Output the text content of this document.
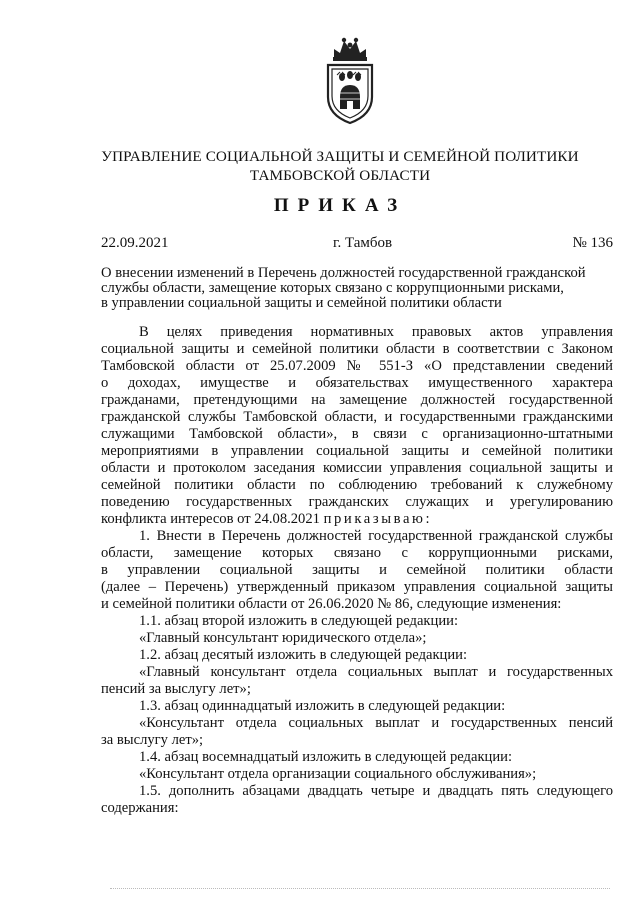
УПРАВЛЕНИЕ СОЦИАЛЬНОЙ ЗАЩИТЫ И СЕМЕЙНОЙ ПОЛИТИКИ
ТАМБОВСКОЙ ОБЛАСТИ
ПРИКАЗ
22.09.2021	г. Тамбов	№ 136

О внесении изменений в Перечень должностей государственной гражданской

службы области, замещение которых связано с коррупционными рисками,

в управлении социальной защиты и семейной политики области

В целях приведения нормативных правовых актов управления
социальной защиты и семейной политики области в соответствии с Законом
Тамбовской области от 25.07.2009 № 551-З «О представлении сведений
о доходах, имуществе и обязательствах имущественного характера
гражданами, претендующими на замещение должностей государственной
гражданской службы Тамбовской области, и государственными гражданскими
служащими Тамбовской области», в связи с организационно-штатными
мероприятиями в управлении социальной защиты и семейной политики
области и протоколом заседания комиссии управления социальной защиты и
семейной политики области по соблюдению требований к служебному
поведению государственных гражданских служащих и урегулированию
конфликта интересов от 24.08.2021 приказываю:
1. Внести в Перечень должностей государственной гражданской службы
области, замещение которых связано с коррупционными рисками,
в управлении социальной защиты и семейной политики области
(далее – Перечень) утвержденный приказом управления социальной защиты
и семейной политики области от 26.06.2020 № 86, следующие изменения:
1.1. абзац второй изложить в следующей редакции:
«Главный консультант юридического отдела»;
1.2. абзац десятый изложить в следующей редакции:
«Главный консультант отдела социальных выплат и государственных
пенсий за выслугу лет»;
1.3. абзац одиннадцатый изложить в следующей редакции:
«Консультант отдела социальных выплат и государственных пенсий
за выслугу лет»;
1.4. абзац восемнадцатый изложить в следующей редакции:
«Консультант отдела организации социального обслуживания»;
1.5. дополнить абзацами двадцать четыре и двадцать пять следующего
содержания:
